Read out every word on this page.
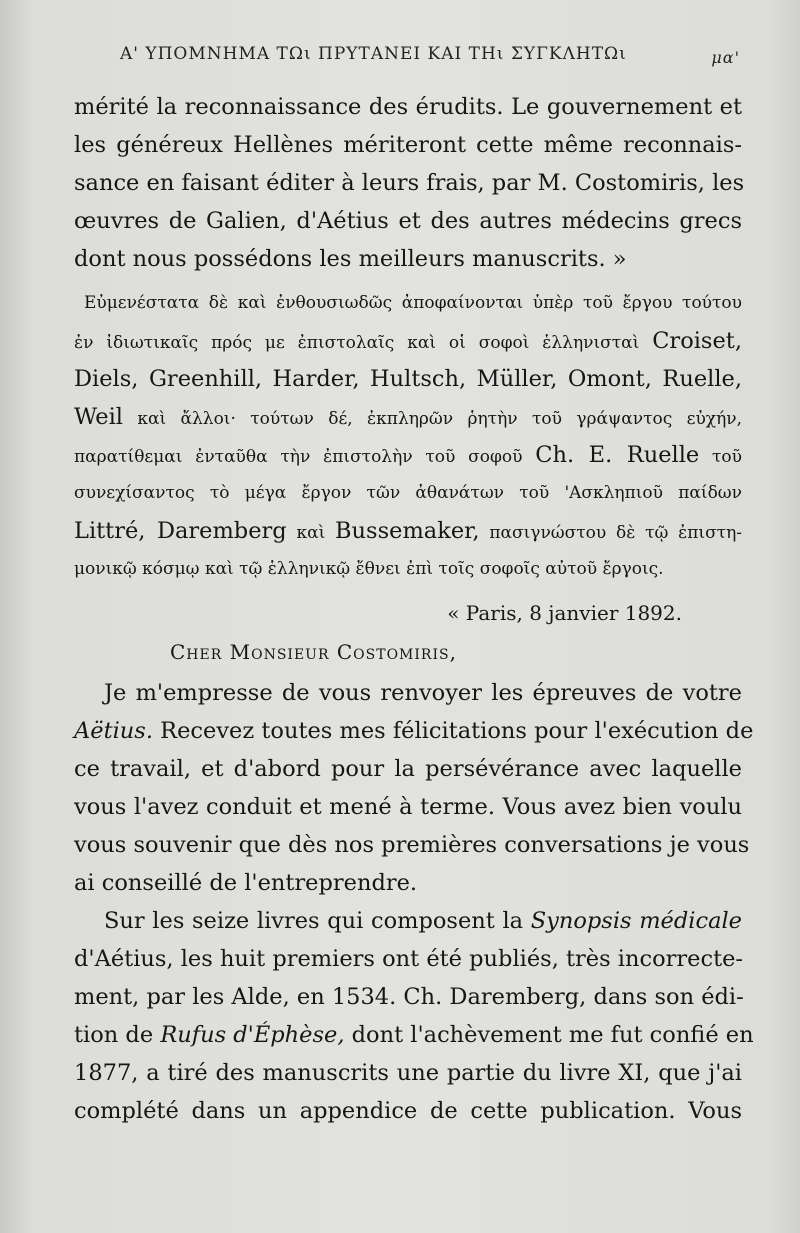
Α' ΥΠΟΜΝΗΜΑ ΤΩι ΠΡΥΤΑΝΕΙ ΚΑΙ ΤΗι ΣΥΓΚΛΗΤΩι	μα'
mérité la reconnaissance des érudits. Le gouvernement et
les généreux Hellènes mériteront cette même reconnais-
sance en faisant éditer à leurs frais, par M. Costomiris, les
œuvres de Galien, d'Aétius et des autres médecins grecs
dont nous possédons les meilleurs manuscrits. »
Εὐμενέστατα δὲ καὶ ἐνθουσιωδῶς ἀποφαίνονται ὑπὲρ τοῦ ἔργου τούτου
ἐν ἰδιωτικαῖς πρός με ἐπιστολαῖς καὶ οἱ σοφοὶ ἑλληνισταὶ Croiset,
Diels, Greenhill, Harder, Hultsch, Müller, Omont, Ruelle,
Weil καὶ ἄλλοι· τούτων δέ, ἐκπληρῶν ῥητὴν τοῦ γράψαντος εὐχήν,
παρατίθεμαι ἐνταῦθα τὴν ἐπιστολὴν τοῦ σοφοῦ Ch. E. Ruelle τοῦ
συνεχίσαντος τὸ μέγα ἔργον τῶν ἀθανάτων τοῦ 'Ασκληπιοῦ παίδων
Littré, Daremberg καὶ Bussemaker, πασιγνώστου δὲ τῷ ἐπιστη-
μονικῷ κόσμῳ καὶ τῷ ἑλληνικῷ ἔθνει ἐπὶ τοῖς σοφοῖς αὐτοῦ ἔργοις.
« Paris, 8 janvier 1892.
Cher Monsieur Costomiris,
Je m'empresse de vous renvoyer les épreuves de votre
Aëtius. Recevez toutes mes félicitations pour l'exécution de
ce travail, et d'abord pour la persévérance avec laquelle
vous l'avez conduit et mené à terme. Vous avez bien voulu
vous souvenir que dès nos premières conversations je vous
ai conseillé de l'entreprendre.
Sur les seize livres qui composent la Synopsis médicale
d'Aétius, les huit premiers ont été publiés, très incorrecte-
ment, par les Alde, en 1534. Ch. Daremberg, dans son édi-
tion de Rufus d'Éphèse, dont l'achèvement me fut confié en
1877, a tiré des manuscrits une partie du livre XI, que j'ai
complété dans un appendice de cette publication. Vous
